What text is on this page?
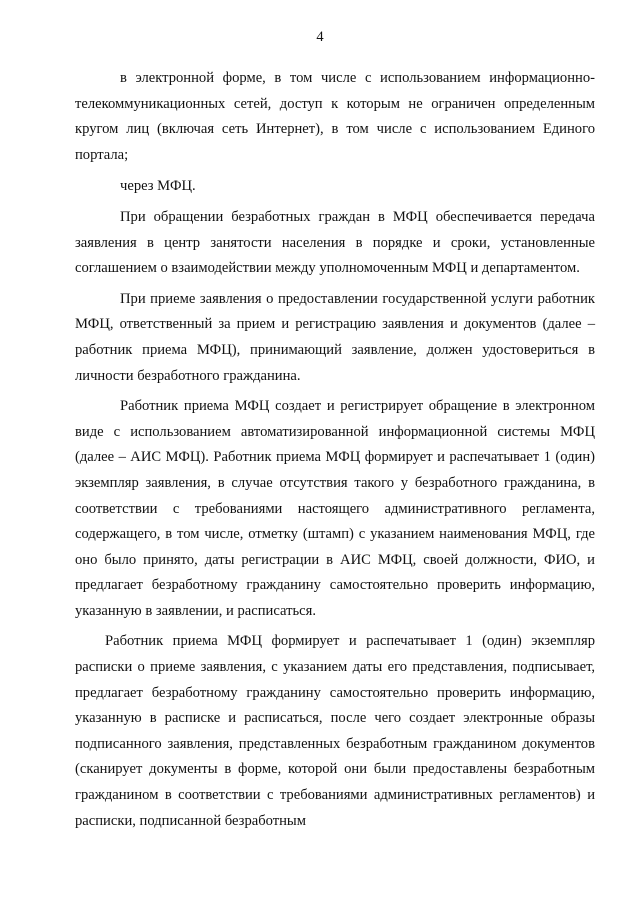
4

в электронной форме, в том числе с использованием информационно-телекоммуникационных сетей, доступ к которым не ограничен определенным кругом лиц (включая сеть Интернет), в том числе с использованием Единого портала;

через МФЦ.

При обращении безработных граждан в МФЦ обеспечивается передача заявления в центр занятости населения в порядке и сроки, установленные соглашением о взаимодействии между уполномоченным МФЦ и департаментом.

При приеме заявления о предоставлении государственной услуги работник МФЦ, ответственный за прием и регистрацию заявления и документов (далее – работник приема МФЦ), принимающий заявление, должен удостовериться в личности безработного гражданина.

Работник приема МФЦ создает и регистрирует обращение в электронном виде с использованием автоматизированной информационной системы МФЦ (далее – АИС МФЦ). Работник приема МФЦ формирует и распечатывает 1 (один) экземпляр заявления, в случае отсутствия такого у безработного гражданина, в соответствии с требованиями настоящего административного регламента, содержащего, в том числе, отметку (штамп) с указанием наименования МФЦ, где оно было принято, даты регистрации в АИС МФЦ, своей должности, ФИО, и предлагает безработному гражданину самостоятельно проверить информацию, указанную в заявлении, и расписаться.

Работник приема МФЦ формирует и распечатывает 1 (один) экземпляр расписки о приеме заявления, с указанием даты его представления, подписывает, предлагает безработному гражданину самостоятельно проверить информацию, указанную в расписке и расписаться, после чего создает электронные образы подписанного заявления, представленных безработным гражданином документов (сканирует документы в форме, которой они были предоставлены безработным гражданином в соответствии с требованиями административных регламентов) и расписки, подписанной безработным
